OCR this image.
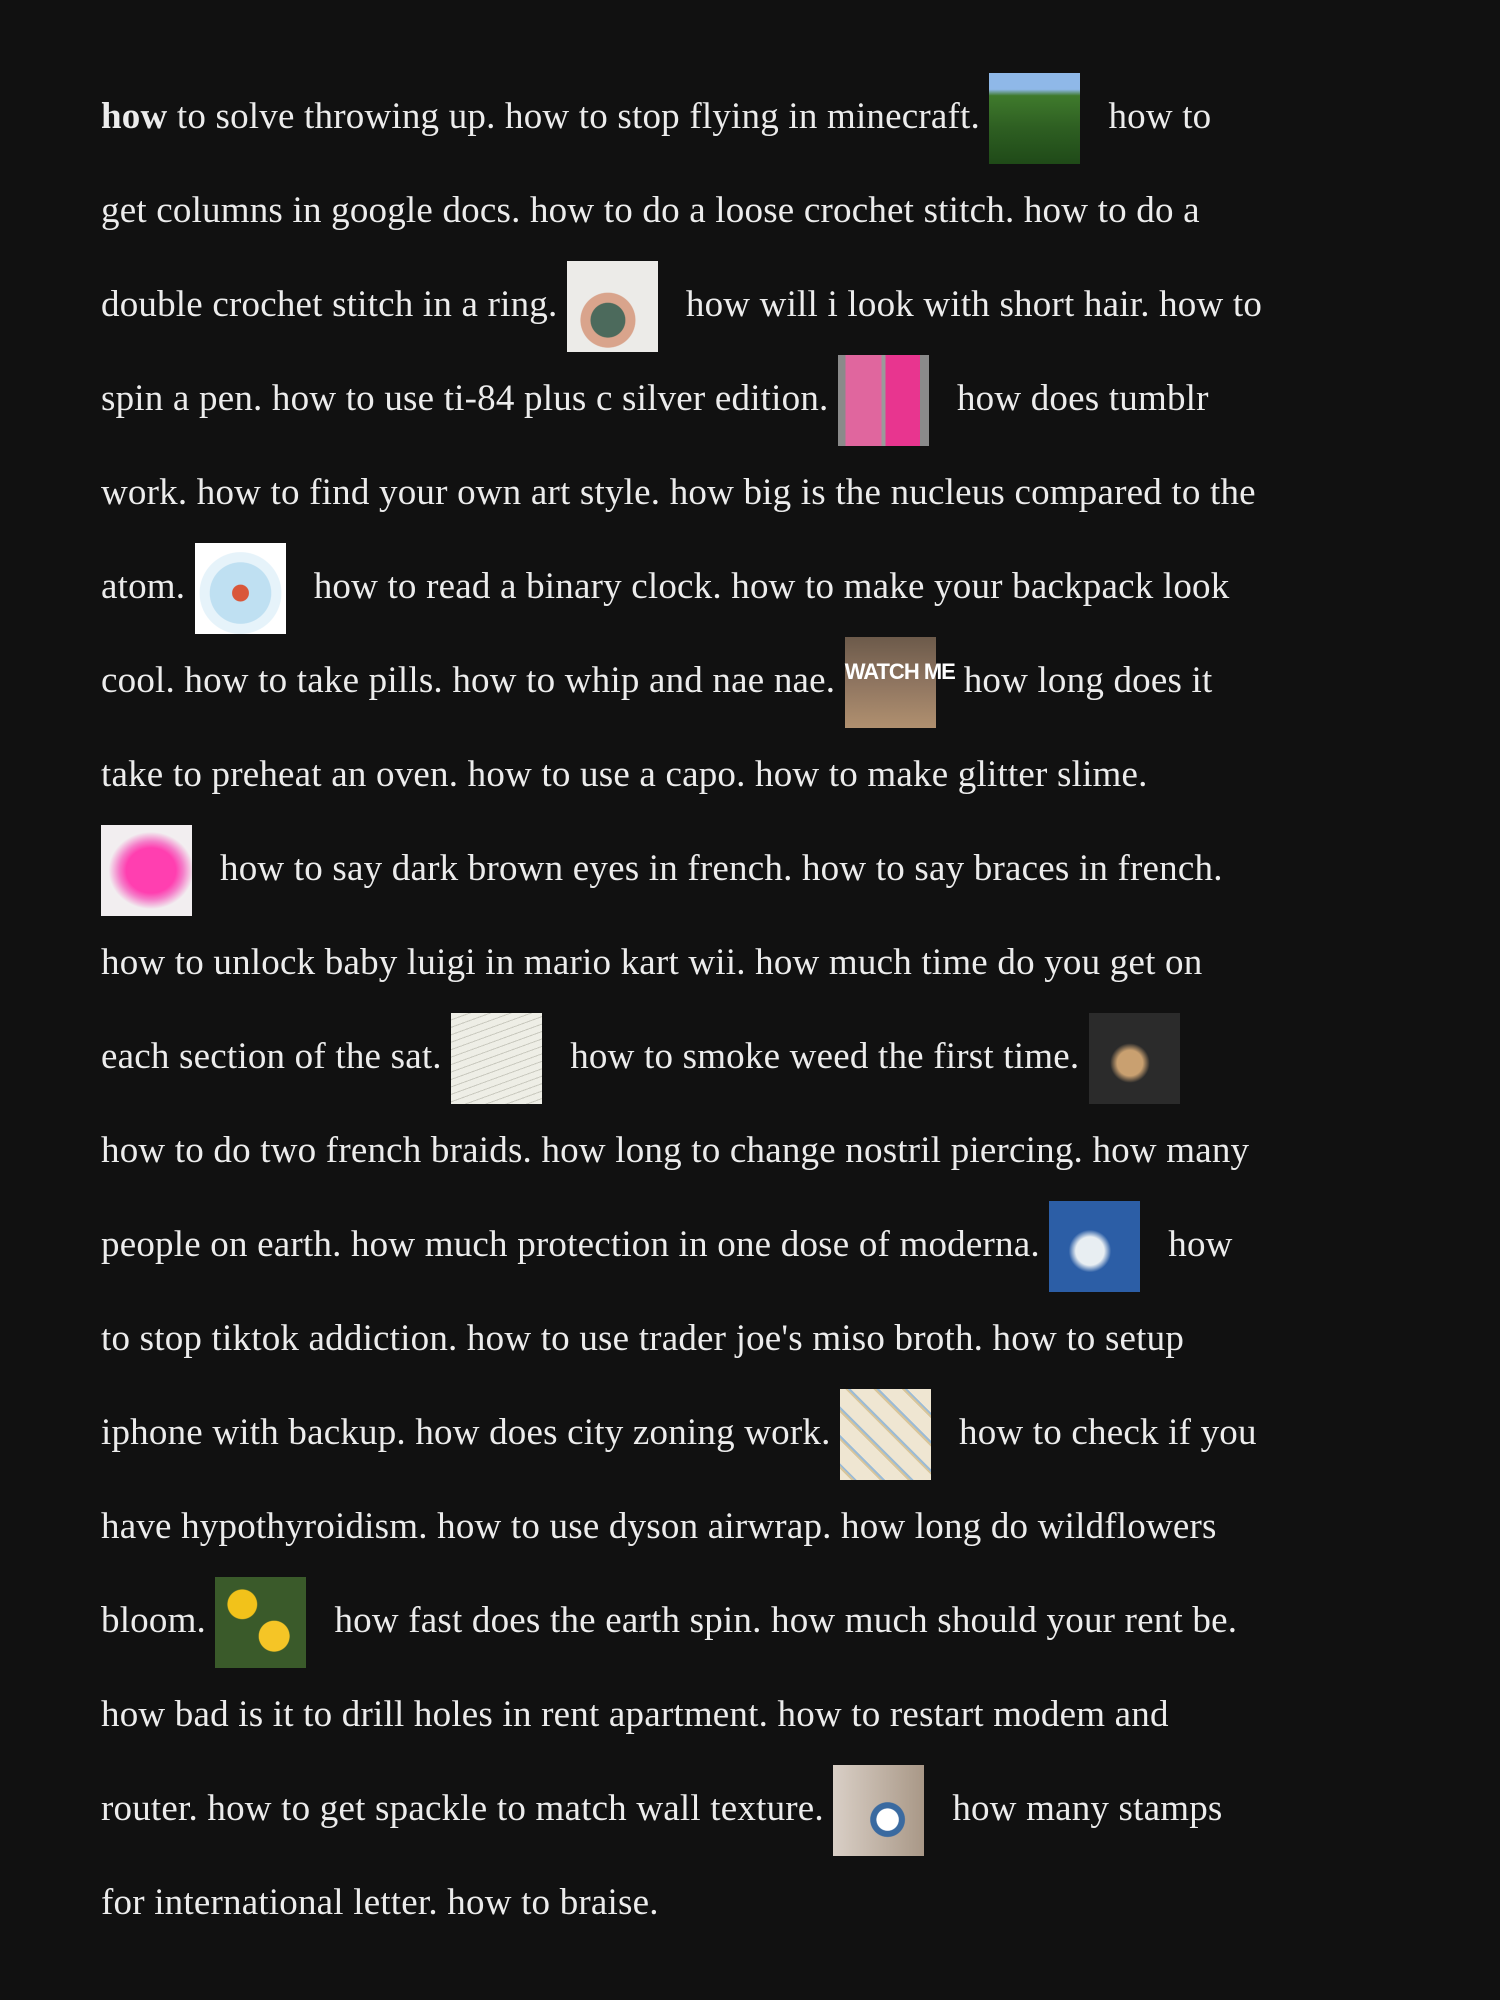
how to solve throwing up. how to stop flying in minecraft.	how to
get columns in google docs. how to do a loose crochet stitch. how to do a
double crochet stitch in a ring.	how will i look with short hair. how to
spin a pen. how to use ti-84 plus c silver edition.	how does tumblr
work. how to find your own art style. how big is the nucleus compared to the
atom.	how to read a binary clock. how to make your backpack look
cool. how to take pills. how to whip and nae nae. WATCH ME how long does it
take to preheat an oven. how to use a capo. how to make glitter slime.
how to say dark brown eyes in french. how to say braces in french.
how to unlock baby luigi in mario kart wii. how much time do you get on
each section of the sat.	how to smoke weed the first time.
how to do two french braids. how long to change nostril piercing. how many
people on earth. how much protection in one dose of moderna.	how
to stop tiktok addiction. how to use trader joe's miso broth. how to setup
iphone with backup. how does city zoning work.	how to check if you
have hypothyroidism. how to use dyson airwrap. how long do wildflowers
bloom.	how fast does the earth spin. how much should your rent be.
how bad is it to drill holes in rent apartment. how to restart modem and
router. how to get spackle to match wall texture.	how many stamps
for international letter. how to braise.
